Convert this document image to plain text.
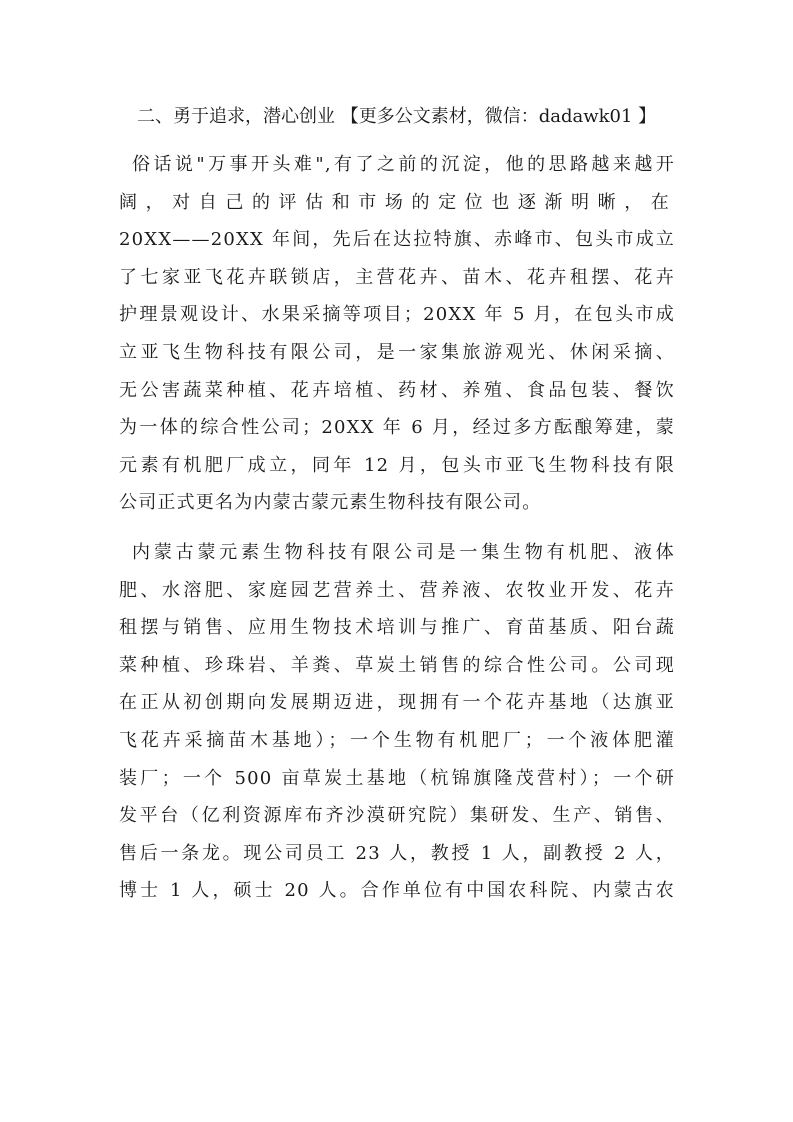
二、勇于追求，潜心创业 【更多公文素材，微信：dadawk01 】
俗话说"万事开头难",有了之前的沉淀，他的思路越来越开
阔，对自己的评估和市场的定位也逐渐明晰，在
20XX——20XX 年间，先后在达拉特旗、赤峰市、包头市成立
了七家亚飞花卉联锁店，主营花卉、苗木、花卉租摆、花卉
护理景观设计、水果采摘等项目；20XX 年 5 月，在包头市成
立亚飞生物科技有限公司，是一家集旅游观光、休闲采摘、
无公害蔬菜种植、花卉培植、药材、养殖、食品包装、餐饮
为一体的综合性公司；20XX 年 6 月，经过多方酝酿筹建，蒙
元素有机肥厂成立，同年 12 月，包头市亚飞生物科技有限
公司正式更名为内蒙古蒙元素生物科技有限公司。
内蒙古蒙元素生物科技有限公司是一集生物有机肥、液体
肥、水溶肥、家庭园艺营养土、营养液、农牧业开发、花卉
租摆与销售、应用生物技术培训与推广、育苗基质、阳台蔬
菜种植、珍珠岩、羊粪、草炭土销售的综合性公司。公司现
在正从初创期向发展期迈进，现拥有一个花卉基地（达旗亚
飞花卉采摘苗木基地）；一个生物有机肥厂；一个液体肥灌
装厂；一个 500 亩草炭土基地（杭锦旗隆茂营村）；一个研
发平台（亿利资源库布齐沙漠研究院）集研发、生产、销售、
售后一条龙。现公司员工 23 人，教授 1 人，副教授 2 人，
博士 1 人，硕士 20 人。合作单位有中国农科院、内蒙古农
